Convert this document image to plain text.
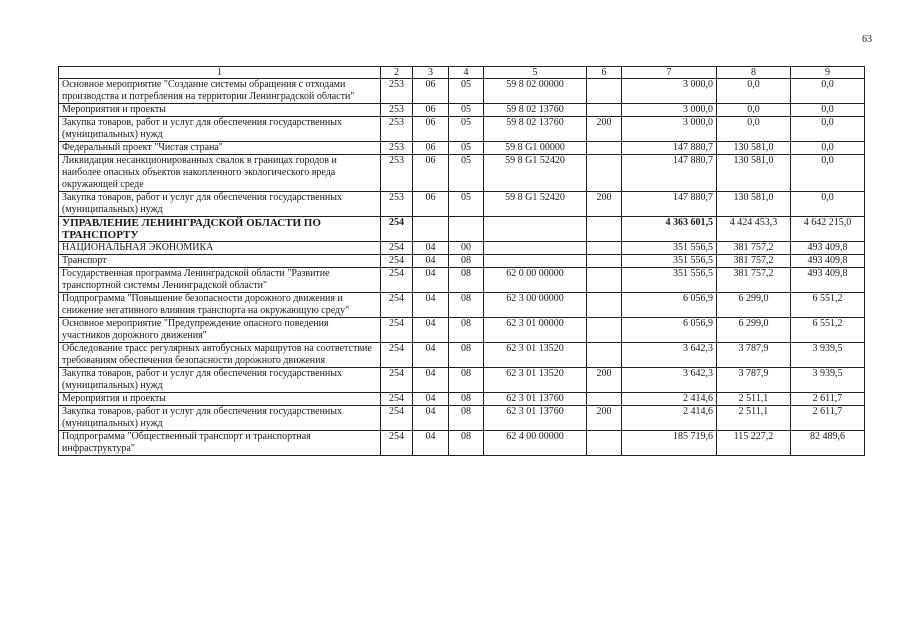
63
1	2	3	4	5	6	7	8	9
Основное мероприятие "Создание системы обращения с отходами производства и потребления на территории Ленинградской области"	253	06	05	59 8 02 00000		3 000,0	0,0	0,0
Мероприятия и проекты	253	06	05	59 8 02 13760		3 000,0	0,0	0,0
Закупка товаров, работ и услуг для обеспечения государственных (муниципальных) нужд	253	06	05	59 8 02 13760	200	3 000,0	0,0	0,0
Федеральный проект "Чистая страна"	253	06	05	59 8 G1 00000		147 880,7	130 581,0	0,0
Ликвидация несанкционированных свалок в границах городов и наиболее опасных объектов накопленного экологического вреда окружающей среде	253	06	05	59 8 G1 52420		147 880,7	130 581,0	0,0
Закупка товаров, работ и услуг для обеспечения государственных (муниципальных) нужд	253	06	05	59 8 G1 52420	200	147 880,7	130 581,0	0,0
УПРАВЛЕНИЕ ЛЕНИНГРАДСКОЙ ОБЛАСТИ ПО ТРАНСПОРТУ	254					4 363 601,5	4 424 453,3	4 642 215,0
НАЦИОНАЛЬНАЯ ЭКОНОМИКА	254	04	00			351 556,5	381 757,2	493 409,8
Транспорт	254	04	08			351 556,5	381 757,2	493 409,8
Государственная программа Ленинградской области "Развитие транспортной системы Ленинградской области"	254	04	08	62 0 00 00000		351 556,5	381 757,2	493 409,8
Подпрограмма "Повышение безопасности дорожного движения и снижение негативного влияния транспорта на окружающую среду"	254	04	08	62 3 00 00000		6 056,9	6 299,0	6 551,2
Основное мероприятие "Предупреждение опасного поведения участников дорожного движения"	254	04	08	62 3 01 00000		6 056,9	6 299,0	6 551,2
Обследование трасс регулярных автобусных маршрутов на соответствие требованиям обеспечения безопасности дорожного движения	254	04	08	62 3 01 13520		3 642,3	3 787,9	3 939,5
Закупка товаров, работ и услуг для обеспечения государственных (муниципальных) нужд	254	04	08	62 3 01 13520	200	3 642,3	3 787,9	3 939,5
Мероприятия и проекты	254	04	08	62 3 01 13760		2 414,6	2 511,1	2 611,7
Закупка товаров, работ и услуг для обеспечения государственных (муниципальных) нужд	254	04	08	62 3 01 13760	200	2 414,6	2 511,1	2 611,7
Подпрограмма "Общественный транспорт и транспортная инфраструктура"	254	04	08	62 4 00 00000		185 719,6	115 227,2	82 489,6
